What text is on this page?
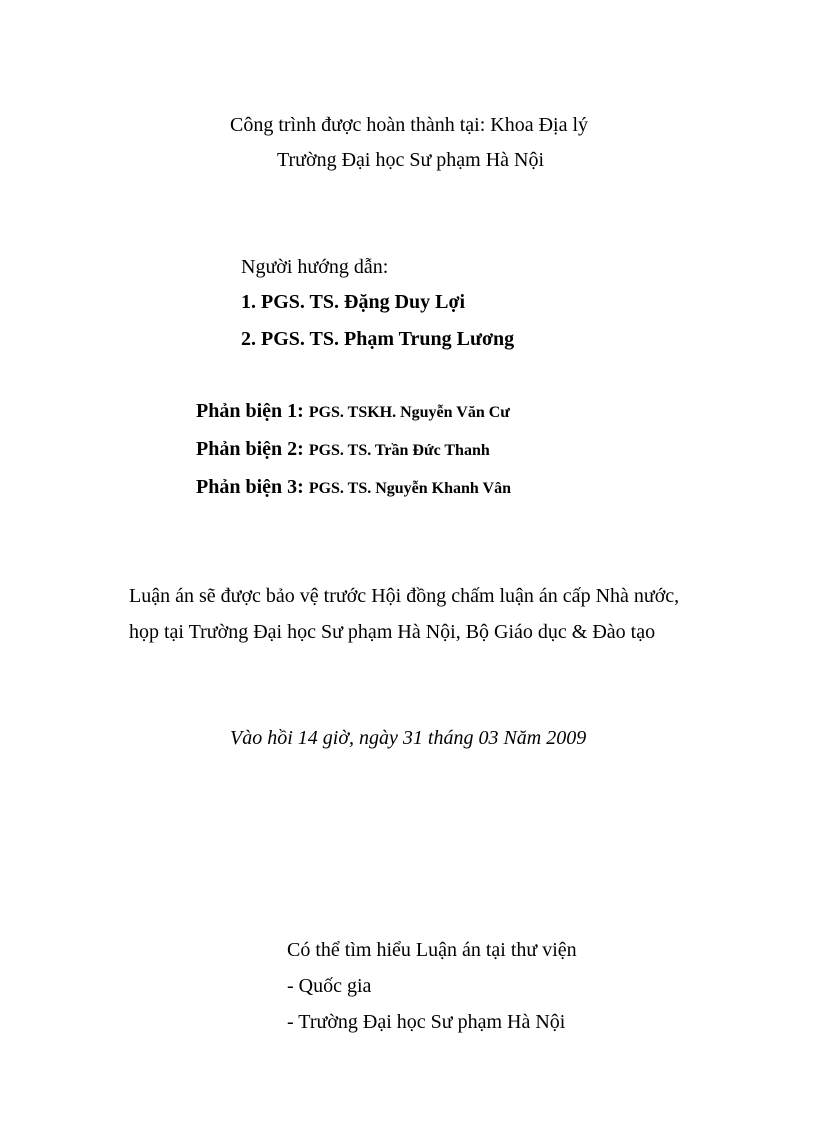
Công trình được hoàn thành tại: Khoa Địa lý
Trường Đại học Sư phạm Hà Nội
Người hướng dẫn:
1. PGS. TS. Đặng Duy Lợi
2. PGS. TS. Phạm Trung Lương
Phản biện 1: PGS. TSKH. Nguyễn Văn Cư
Phản biện 2: PGS. TS. Trần Đức Thanh
Phản biện 3: PGS. TS. Nguyễn Khanh Vân
Luận án sẽ được bảo vệ trước Hội đồng chấm luận án cấp Nhà nước,
họp tại Trường Đại học Sư phạm Hà Nội, Bộ Giáo dục & Đào tạo
Vào hồi 14 giờ, ngày 31 tháng 03 Năm 2009
Có thể tìm hiểu Luận án tại thư viện
- Quốc gia
- Trường Đại học Sư phạm Hà Nội
